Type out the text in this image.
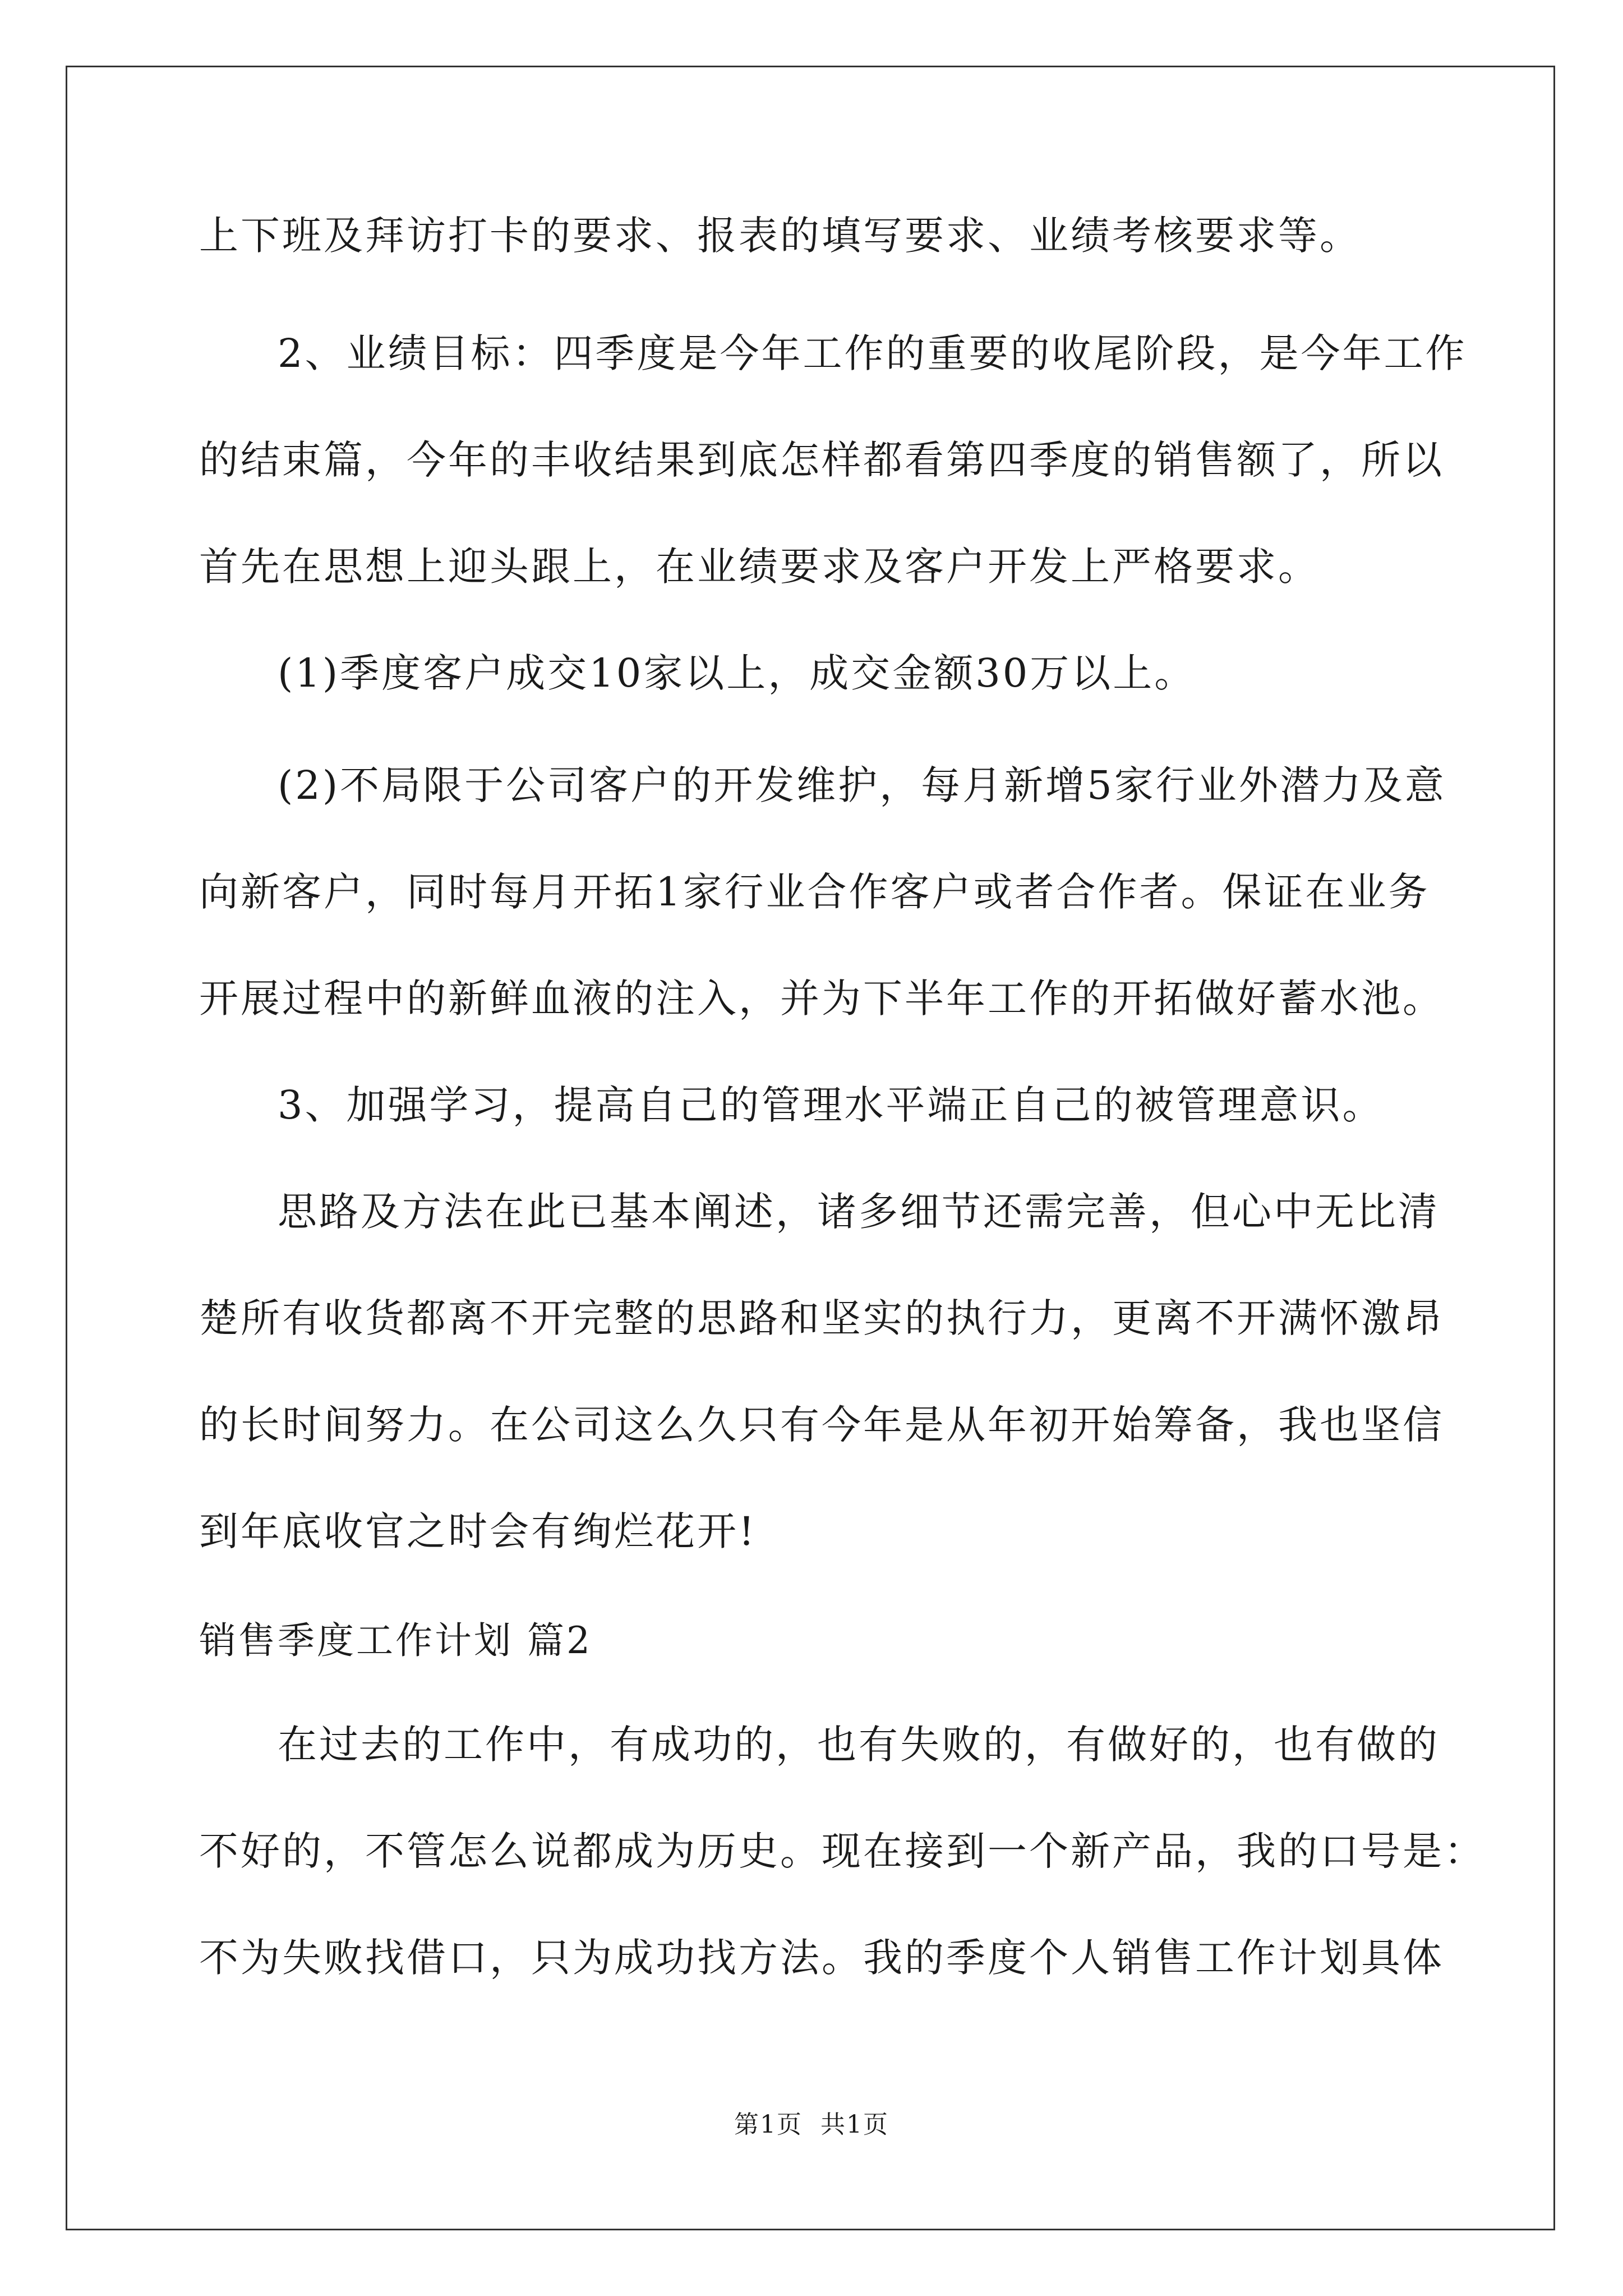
上下班及拜访打卡的要求、报表的填写要求、业绩考核要求等。
2、业绩目标：四季度是今年工作的重要的收尾阶段，是今年工作
的结束篇，今年的丰收结果到底怎样都看第四季度的销售额了，所以
首先在思想上迎头跟上，在业绩要求及客户开发上严格要求。
(1)季度客户成交10家以上，成交金额30万以上。
(2)不局限于公司客户的开发维护，每月新增5家行业外潜力及意
向新客户，同时每月开拓1家行业合作客户或者合作者。保证在业务
开展过程中的新鲜血液的注入，并为下半年工作的开拓做好蓄水池。
3、加强学习，提高自己的管理水平端正自己的被管理意识。
思路及方法在此已基本阐述，诸多细节还需完善，但心中无比清
楚所有收货都离不开完整的思路和坚实的执行力，更离不开满怀激昂
的长时间努力。在公司这么久只有今年是从年初开始筹备，我也坚信
到年底收官之时会有绚烂花开!
销售季度工作计划 篇2
在过去的工作中，有成功的，也有失败的，有做好的，也有做的
不好的，不管怎么说都成为历史。现在接到一个新产品，我的口号是：
不为失败找借口，只为成功找方法。我的季度个人销售工作计划具体
第1页 共1页
